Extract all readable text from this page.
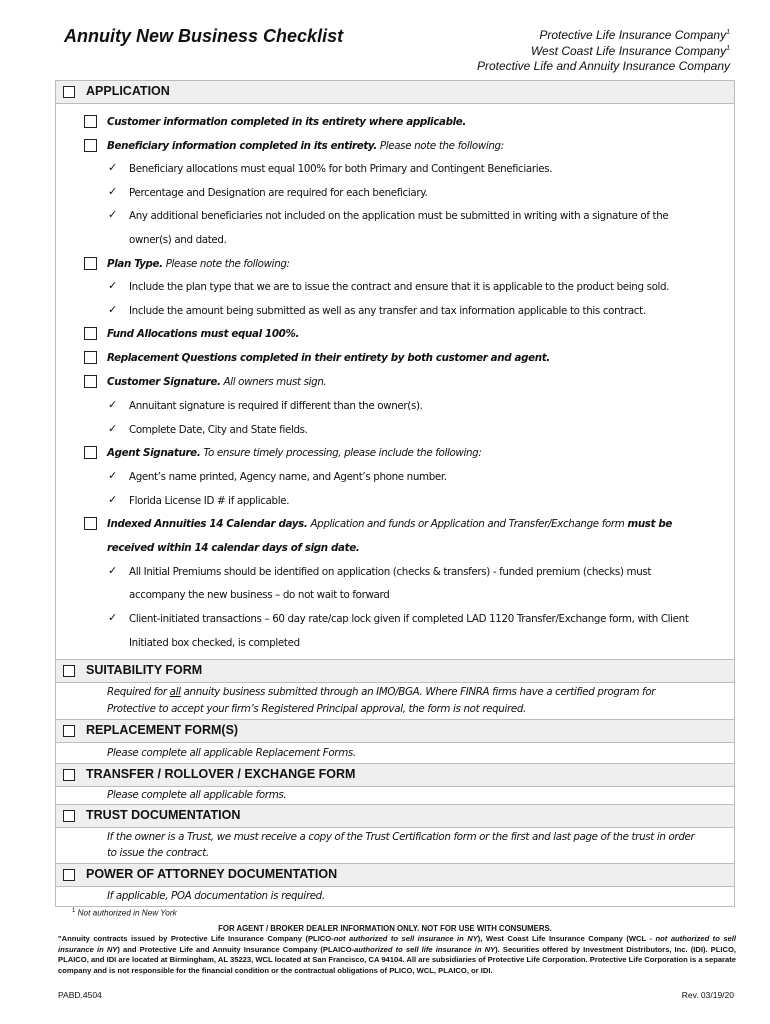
Annuity New Business Checklist	Protective Life Insurance Company$^1$
West Coast Life Insurance Company$^1$
Protective Life and Annuity Insurance Company
APPLICATION
Customer information completed in its entirety where applicable.
Beneficiary information completed in its entirety. Please note the following:
✓ Beneficiary allocations must equal 100% for both Primary and Contingent Beneficiaries.
✓ Percentage and Designation are required for each beneficiary.
✓ Any additional beneficiaries not included on the application must be submitted in writing with a signature of the
owner(s) and dated.
Plan Type. Please note the following:
✓ Include the plan type that we are to issue the contract and ensure that it is applicable to the product being sold.
✓ Include the amount being submitted as well as any transfer and tax information applicable to this contract.
Fund Allocations must equal 100%.
Replacement Questions completed in their entirety by both customer and agent.
Customer Signature. All owners must sign.
✓ Annuitant signature is required if different than the owner(s).
✓ Complete Date, City and State fields.
Agent Signature. To ensure timely processing, please include the following:
✓ Agent’s name printed, Agency name, and Agent’s phone number.
✓ Florida License ID # if applicable.
Indexed Annuities 14 Calendar days. Application and funds or Application and Transfer/Exchange form must be
received within 14 calendar days of sign date.
✓ All Initial Premiums should be identified on application (checks & transfers) - funded premium (checks) must
accompany the new business – do not wait to forward
✓ Client-initiated transactions – 60 day rate/cap lock given if completed LAD 1120 Transfer/Exchange form, with Client
Initiated box checked, is completed
SUITABILITY FORM
Required for all annuity business submitted through an IMO/BGA. Where FINRA firms have a certified program for
Protective to accept your firm’s Registered Principal approval, the form is not required.
REPLACEMENT FORM(S)
Please complete all applicable Replacement Forms.
TRANSFER / ROLLOVER / EXCHANGE FORM
Please complete all applicable forms.
TRUST DOCUMENTATION
If the owner is a Trust, we must receive a copy of the Trust Certification form or the first and last page of the trust in order
to issue the contract.
POWER OF ATTORNEY DOCUMENTATION
If applicable, POA documentation is required.
$^1$ Not authorized in New York
FOR AGENT / BROKER DEALER INFORMATION ONLY. NOT FOR USE WITH CONSUMERS.
"Annuity contracts issued by Protective Life Insurance Company (PLICO-not authorized to sell insurance in NY), West Coast Life Insurance Company (WCL - not authorized to sell insurance in NY) and Protective Life and Annuity Insurance Company (PLAICO-authorized to sell life insurance in NY). Securities offered by Investment Distributors, Inc. (IDI). PLICO, PLAICO, and IDI are located at Birmingham, AL 35223, WCL located at San Francisco, CA 94104. All are subsidiaries of Protective Life Corporation. Protective Life Corporation is a separate company and is not responsible for the financial condition or the contractual obligations of PLICO, WCL, PLAICO, or IDI.
PABD.4504	Rev. 03/19/20
